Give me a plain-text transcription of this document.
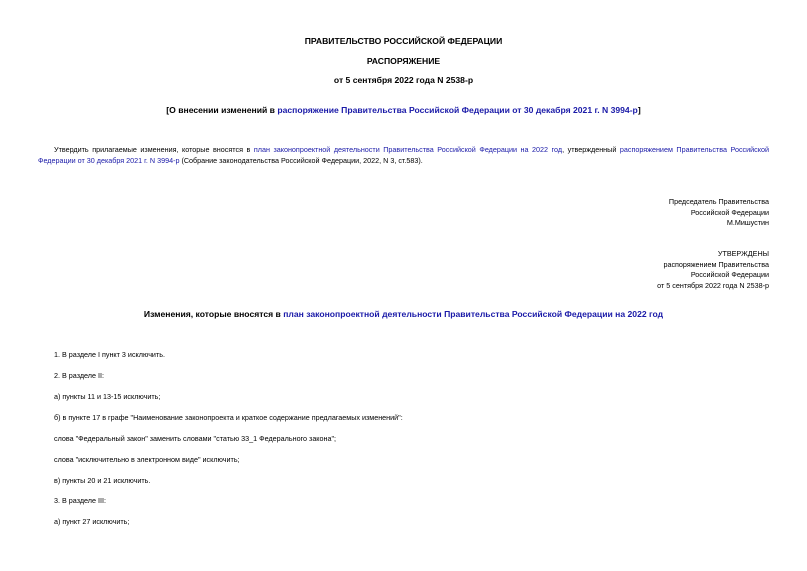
ПРАВИТЕЛЬСТВО РОССИЙСКОЙ ФЕДЕРАЦИИ
РАСПОРЯЖЕНИЕ
от 5 сентября 2022 года N 2538-р
[О внесении изменений в распоряжение Правительства Российской Федерации от 30 декабря 2021 г. N 3994-р]
Утвердить прилагаемые изменения, которые вносятся в план законопроектной деятельности Правительства Российской Федерации на 2022 год, утвержденный распоряжением Правительства Российской Федерации от 30 декабря 2021 г. N 3994-р (Собрание законодательства Российской Федерации, 2022, N 3, ст.583).
Председатель Правительства
Российской Федерации
М.Мишустин
УТВЕРЖДЕНЫ
распоряжением Правительства
Российской Федерации
от 5 сентября 2022 года N 2538-р
Изменения, которые вносятся в план законопроектной деятельности Правительства Российской Федерации на 2022 год
1. В разделе I пункт 3 исключить.
2. В разделе II:
а) пункты 11 и 13-15 исключить;
б) в пункте 17 в графе "Наименование законопроекта и краткое содержание предлагаемых изменений":
слова "Федеральный закон" заменить словами "статью 33_1 Федерального закона";
слова "исключительно в электронном виде" исключить;
в) пункты 20 и 21 исключить.
3. В разделе III:
а) пункт 27 исключить;
